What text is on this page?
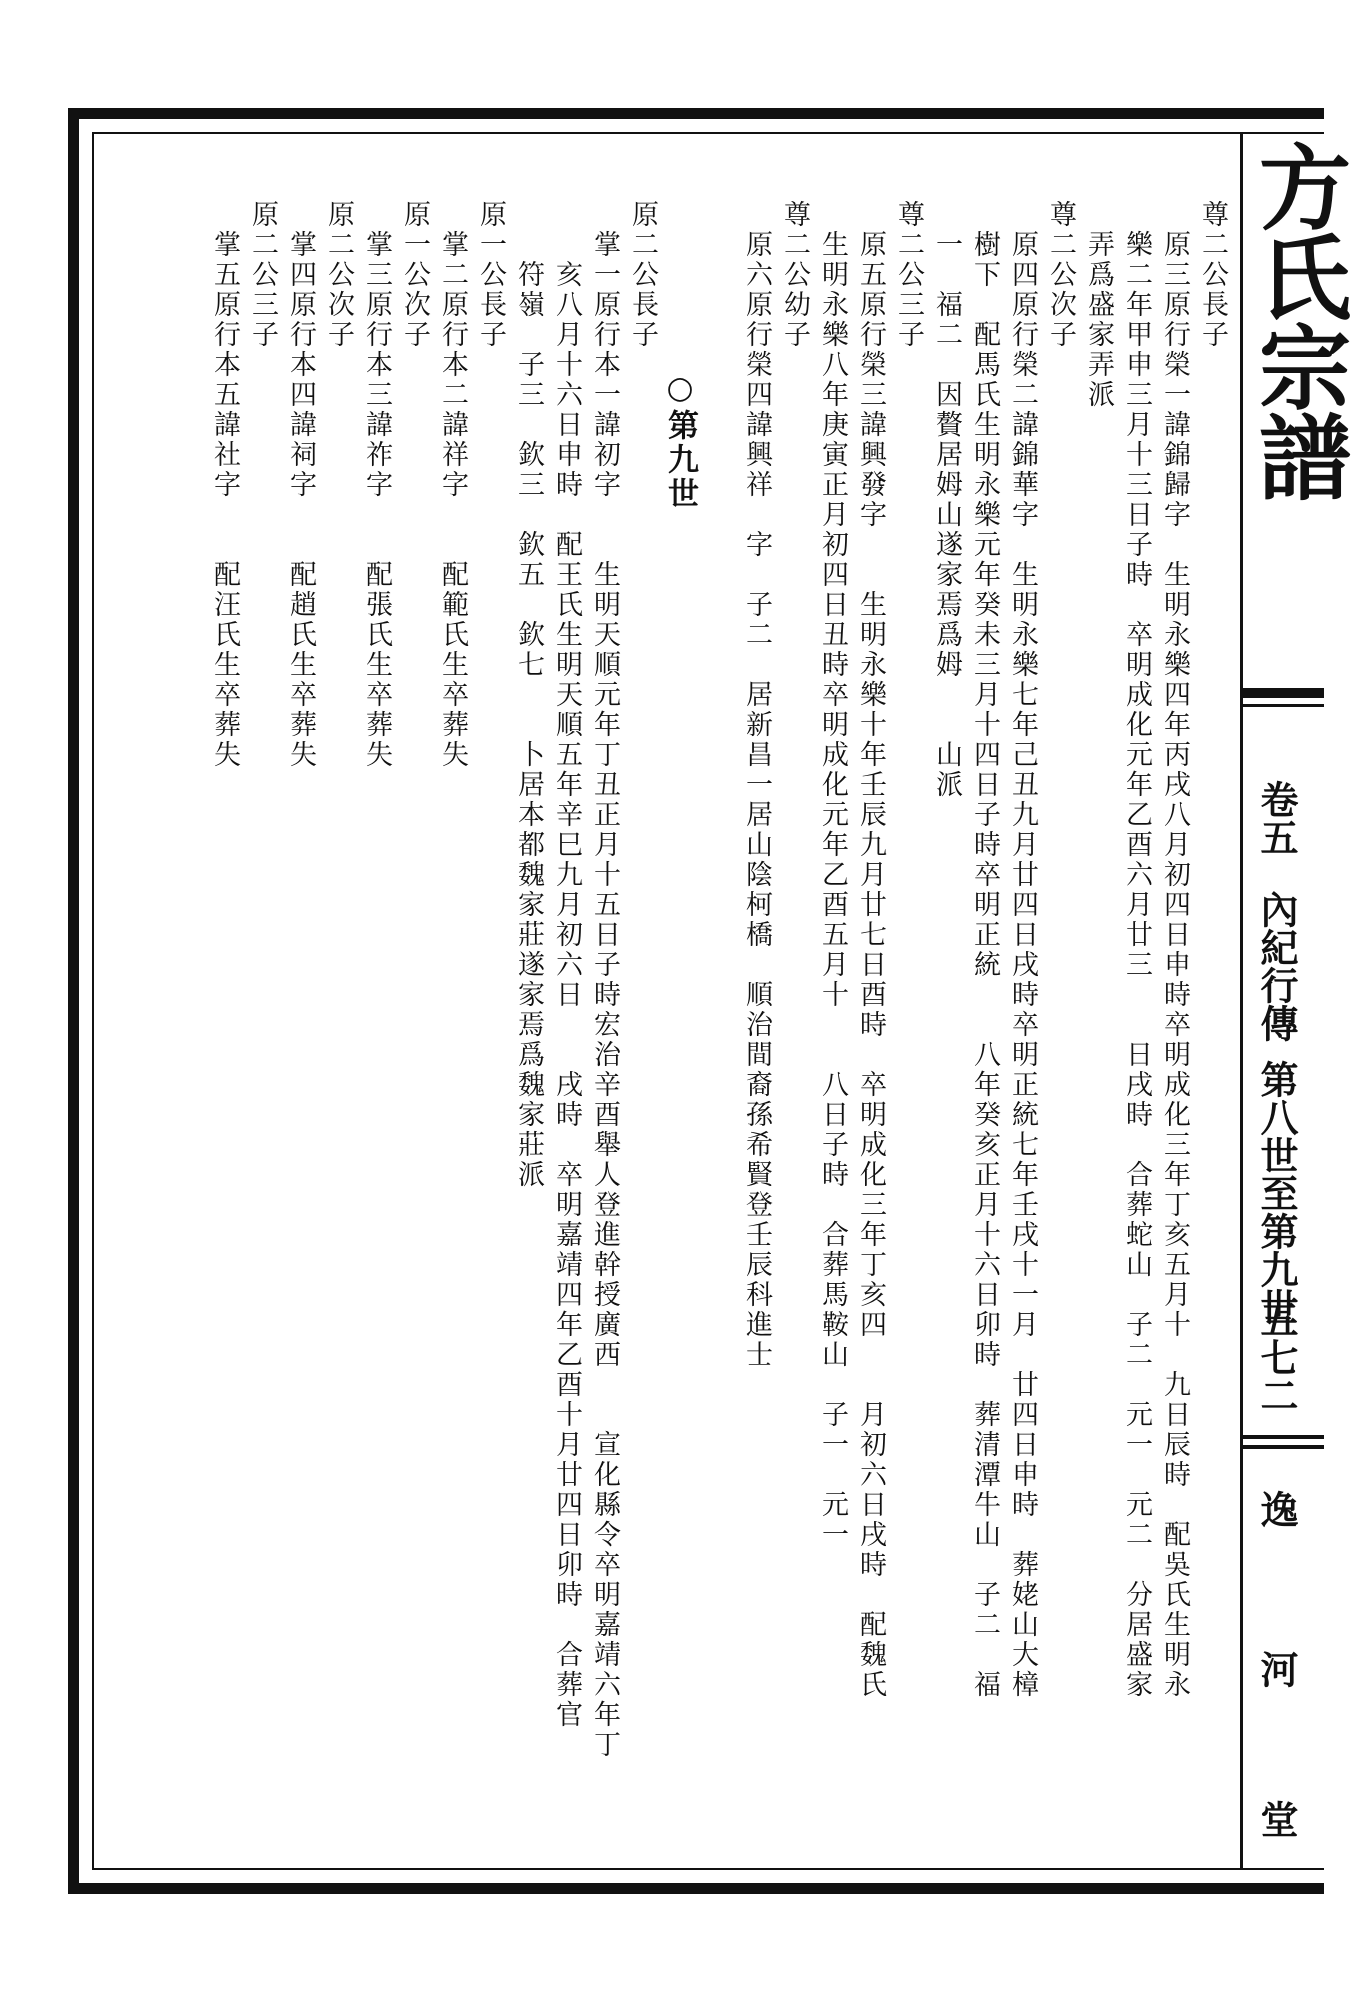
方氏宗譜
卷五
內紀行傳
第八世至第九世
五七二
逸
河
堂
尊二公長子
　原三原行榮一諱錦歸字　生明永樂四年丙戌八月初四日申時卒明成化三年丁亥五月十　九日辰時　配吳氏生明永
　樂二年甲申三月十三日子時　卒明成化元年乙酉六月廿三　　日戌時　合葬蛇山　子二　元一　元二　分居盛家
　弄爲盛家弄派
尊二公次子
　原四原行榮二諱錦華字　生明永樂七年己丑九月廿四日戌時卒明正統七年壬戌十一月　廿四日申時　葬姥山大樟
　樹下　配馬氏生明永樂元年癸未三月十四日子時卒明正統　　八年癸亥正月十六日卯時　葬清潭牛山　子二　福
　一　福二　因贅居姆山遂家焉爲姆　　山派
尊二公三子
　原五原行榮三諱興發字　　生明永樂十年壬辰九月廿七日酉時　卒明成化三年丁亥四　　月初六日戌時　配魏氏
　生明永樂八年庚寅正月初四日丑時卒明成化元年乙酉五月十　　八日子時　合葬馬鞍山　子一　元一
尊二公幼子
　原六原行榮四諱興祥　字　子二　居新昌一居山陰柯橋　順治間裔孫希賢登壬辰科進士

　　　　　○第九世
原二公長子
　掌一原行本一諱初字　　生明天順元年丁丑正月十五日子時宏治辛酉舉人登進幹授廣西　　宣化縣令卒明嘉靖六年丁
　　亥八月十六日申時　配王氏生明天順五年辛巳九月初六日　　戌時　卒明嘉靖四年乙酉十月廿四日卯時　合葬官
　　符嶺　子三　欽三　欽五　欽七　　卜居本都魏家莊遂家焉爲魏家莊派
原一公長子
　掌二原行本二諱祥字　　配範氏生卒葬失
原一公次子
　掌三原行本三諱祚字　　配張氏生卒葬失
原二公次子
　掌四原行本四諱祠字　　配趙氏生卒葬失
原二公三子
　掌五原行本五諱社字　　配汪氏生卒葬失
